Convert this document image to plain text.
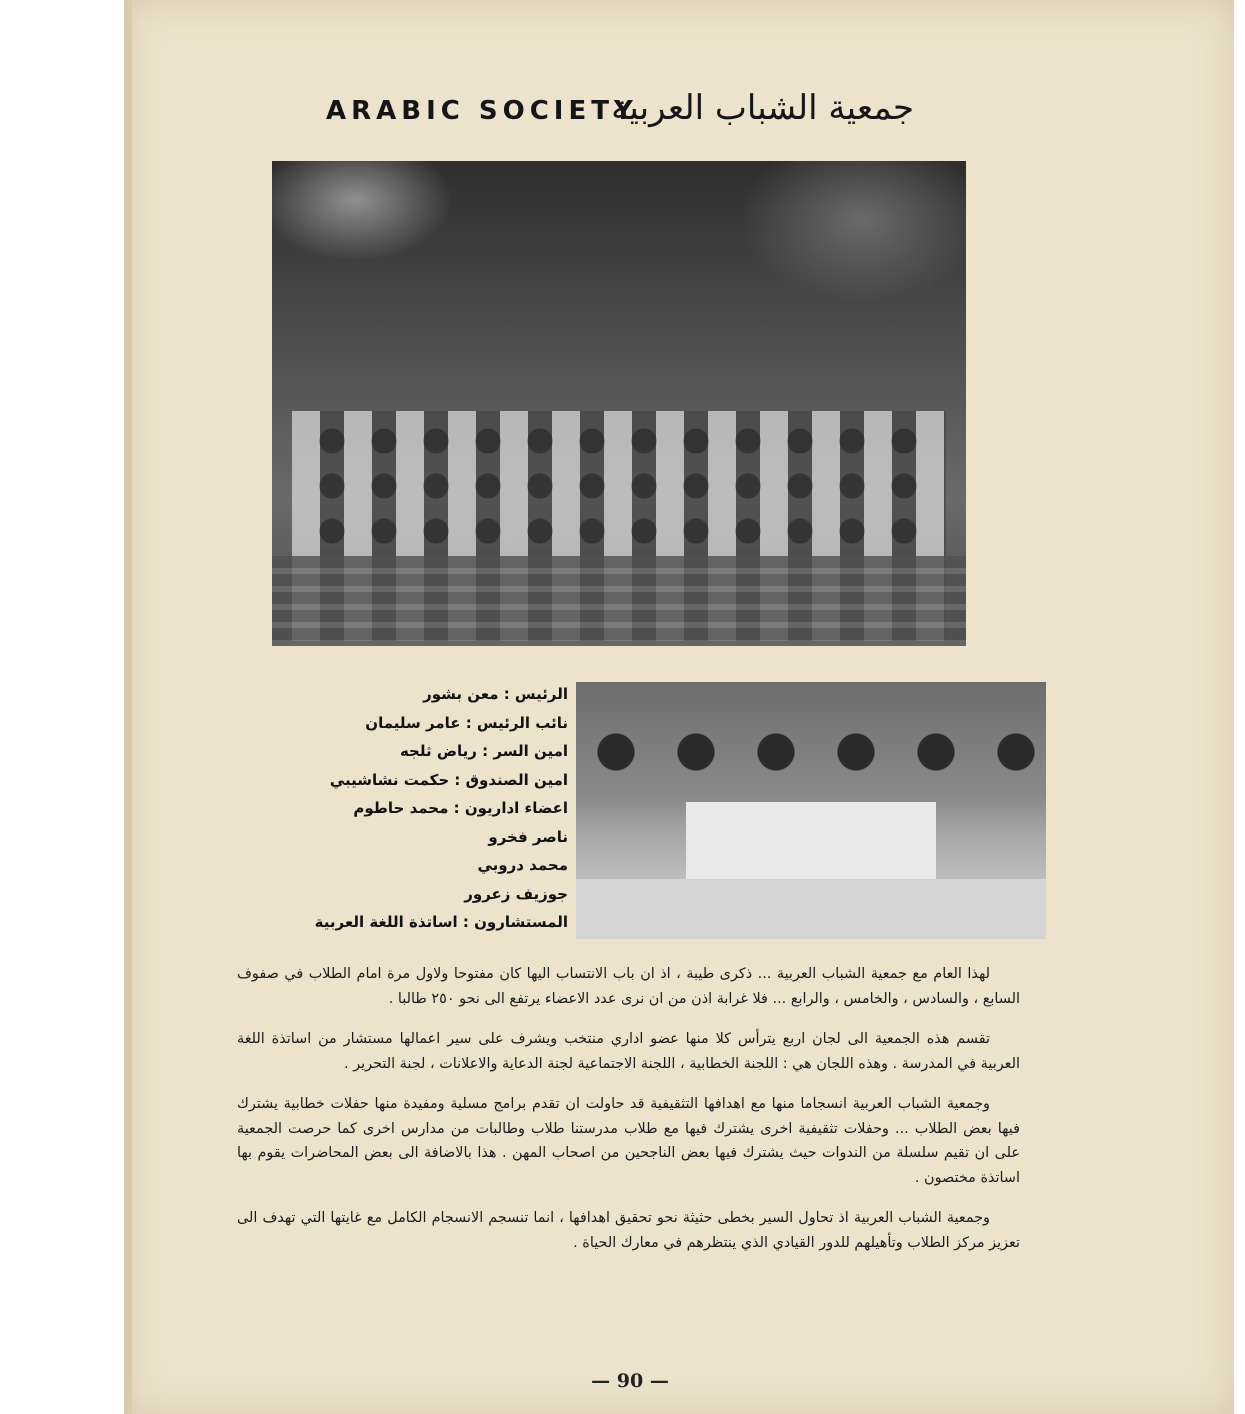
ARABIC SOCIETY
جمعية الشباب العربية
الرئيس : معن بشور
نائب الرئيس : عامر سليمان
امين السر : رياض ثلجه
امين الصندوق : حكمت نشاشيبي
اعضاء اداريون : محمد حاطوم
ناصر فخرو
محمد دروبي
جوزيف زعرور
المستشارون : اساتذة اللغة العربية

لهذا العام مع جمعية الشباب العربية ... ذكرى طيبة ، اذ ان باب الانتساب اليها كان مفتوحا ولاول مرة امام الطلاب في صفوف السابع ، والسادس ، والخامس ، والرابع ... فلا غرابة اذن من ان نرى عدد الاعضاء يرتفع الى نحو ٢٥٠ طالبا .

تقسم هذه الجمعية الى لجان اربع يترأس كلا منها عضو اداري منتخب ويشرف على سير اعمالها مستشار من اساتذة اللغة العربية في المدرسة . وهذه اللجان هي : اللجنة الخطابية ، اللجنة الاجتماعية لجنة الدعاية والاعلانات ، لجنة التحرير .

وجمعية الشباب العربية انسجاما منها مع اهدافها التثقيفية قد حاولت ان تقدم برامج مسلية ومفيدة منها حفلات خطابية يشترك فيها بعض الطلاب ... وحفلات تثقيفية اخرى يشترك فيها مع طلاب مدرستنا طلاب وطالبات من مدارس اخرى كما حرصت الجمعية على ان تقيم سلسلة من الندوات حيث يشترك فيها بعض الناجحين من اصحاب المهن . هذا بالاضافة الى بعض المحاضرات يقوم بها اساتذة مختصون .

وجمعية الشباب العربية اذ تحاول السير بخطى حثيثة نحو تحقيق اهدافها ، انما تنسجم الانسجام الكامل مع غايتها التي تهدف الى تعزيز مركز الطلاب وتأهيلهم للدور القيادي الذي ينتظرهم في معارك الحياة .

— 90 —
